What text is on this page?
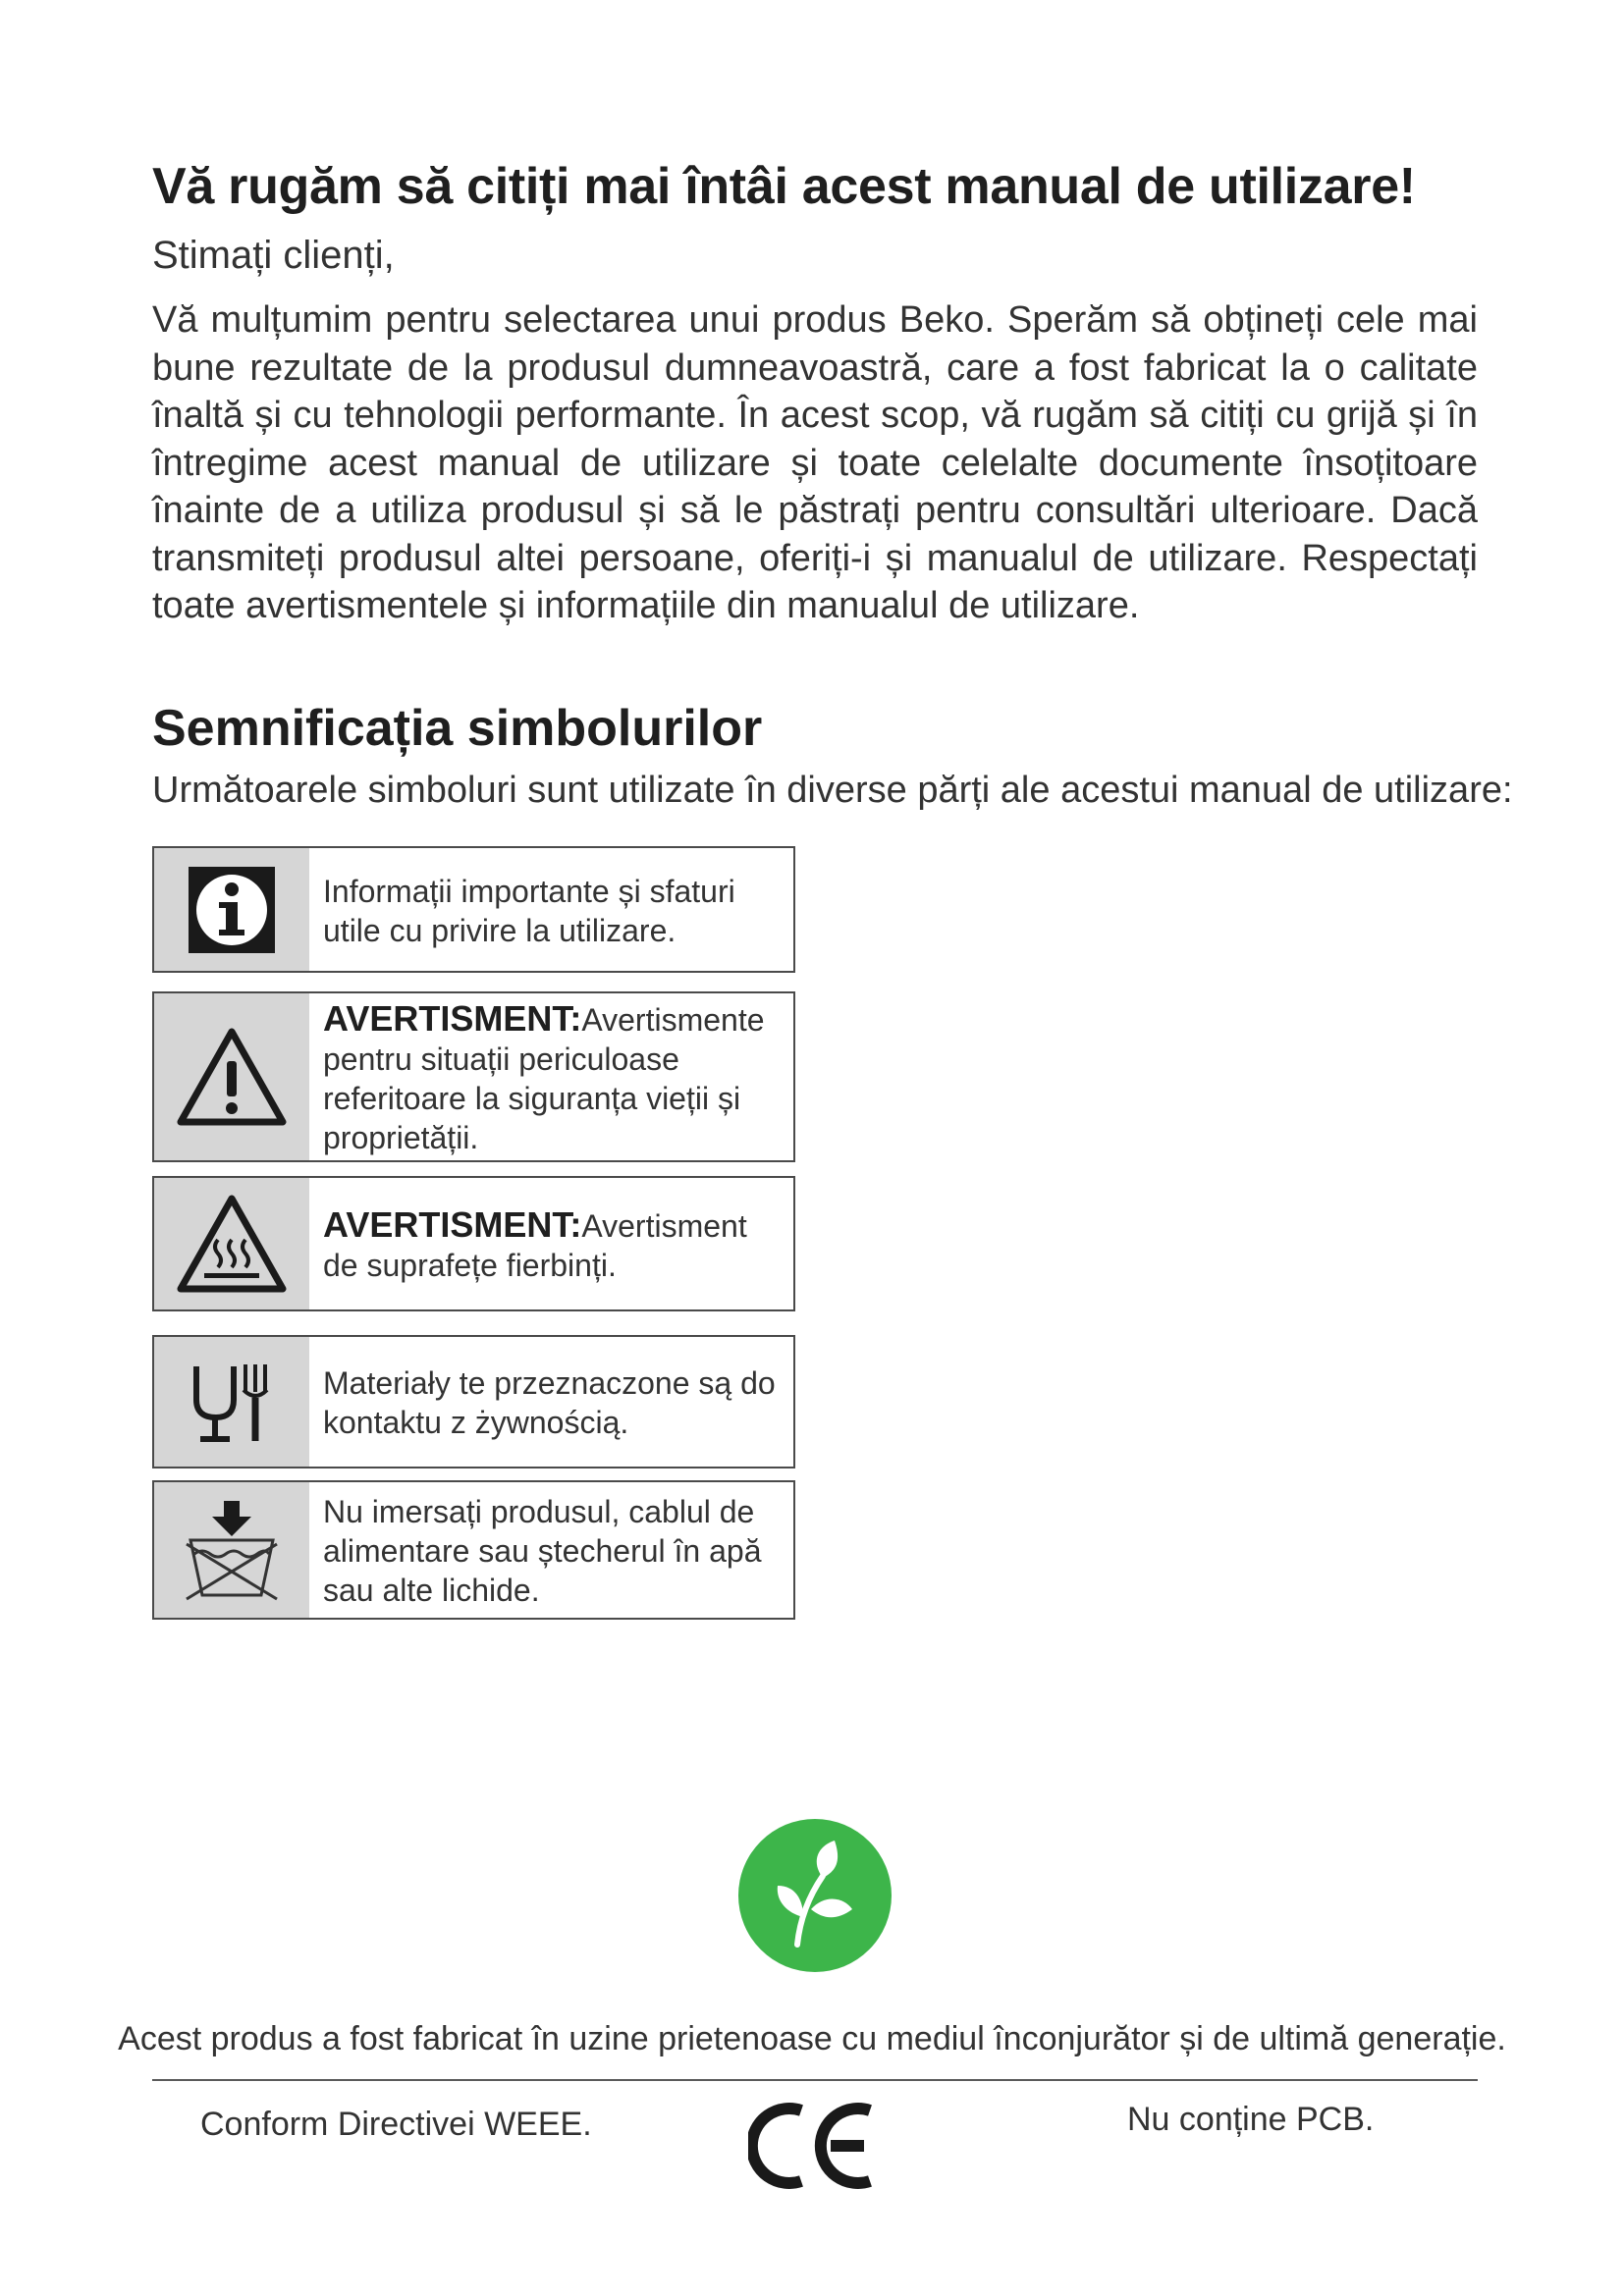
Vă rugăm să citiți mai întâi acest manual de utilizare!

Stimați clienți,

Vă mulțumim pentru selectarea unui produs Beko. Sperăm să obțineți cele mai bune rezultate de la produsul dumneavoastră, care a fost fabricat la o calitate înaltă și cu tehnologii performante. În acest scop, vă rugăm să citiți cu grijă și în întregime acest manual de utilizare și toate celelalte documente însoțitoare înainte de a utiliza produsul și să le păstrați pentru consultări ulterioare. Dacă transmiteți produsul altei persoane, oferiți-i și manualul de utilizare. Respectați toate avertismentele și informațiile din manualul de utilizare.

Semnificația simbolurilor

Următoarele simboluri sunt utilizate în diverse părți ale acestui manual de utilizare:

Informații importante și sfaturi utile cu privire la utilizare.
AVERTISMENT:Avertismente pentru situații periculoase referitoare la siguranța vieții și proprietății.
AVERTISMENT:Avertisment de suprafețe fierbinți.
Materiały te przeznaczone są do kontaktu z żywnością.
Nu imersați produsul, cablul de alimentare sau ștecherul în apă sau alte lichide.

Acest produs a fost fabricat în uzine prietenoase cu mediul înconjurător și de ultimă generație.

Conform Directivei WEEE.	Nu conține PCB.
